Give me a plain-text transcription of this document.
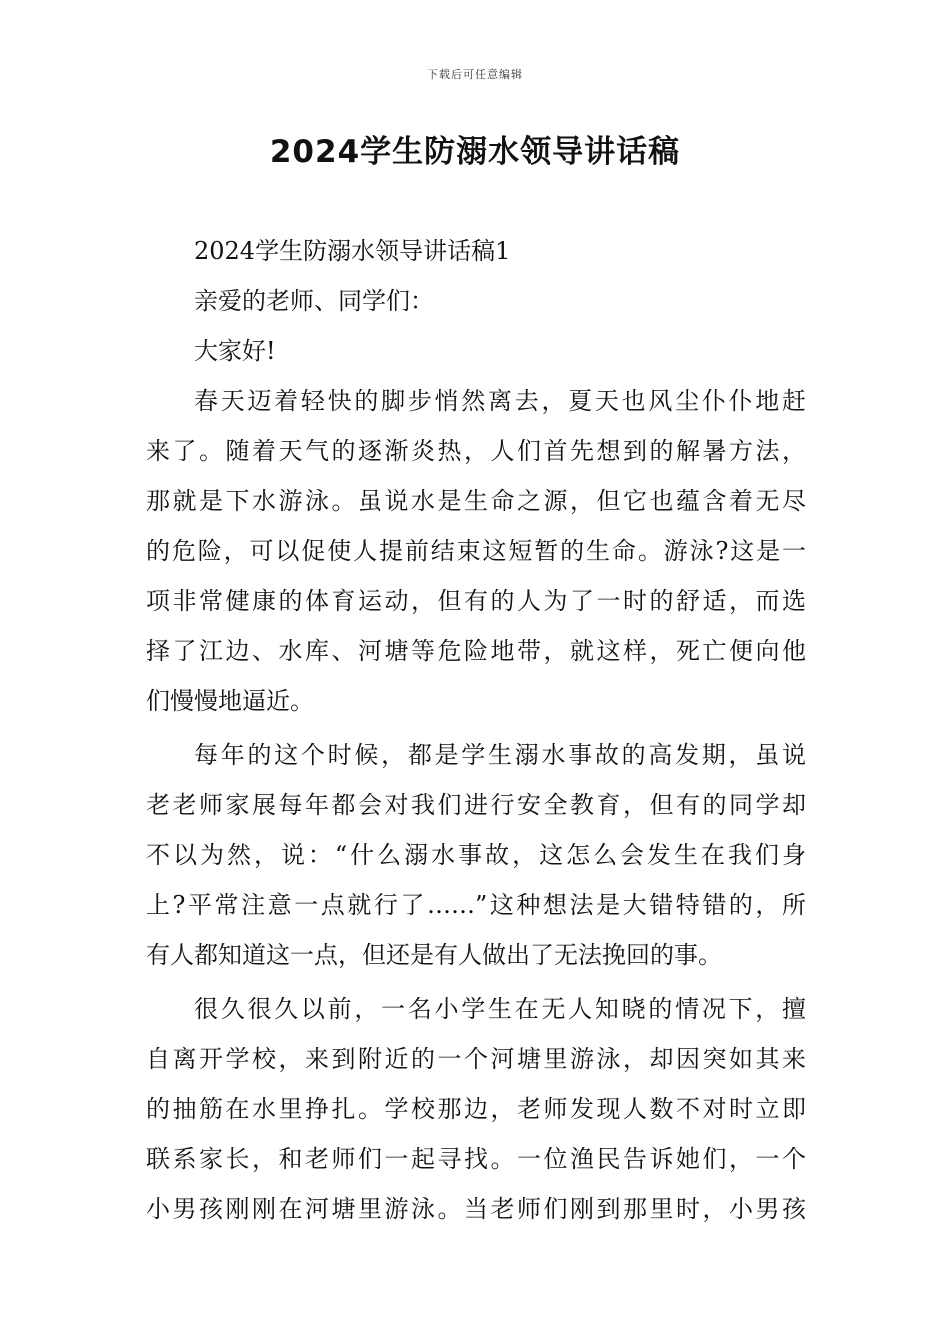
下载后可任意编辑
2024学生防溺水领导讲话稿
2024学生防溺水领导讲话稿1
亲爱的老师、同学们：
大家好!
春天迈着轻快的脚步悄然离去，夏天也风尘仆仆地赶
来了。随着天气的逐渐炎热，人们首先想到的解暑方法，
那就是下水游泳。虽说水是生命之源，但它也蕴含着无尽
的危险，可以促使人提前结束这短暂的生命。游泳?这是一
项非常健康的体育运动，但有的人为了一时的舒适，而选
择了江边、水库、河塘等危险地带，就这样，死亡便向他
们慢慢地逼近。
每年的这个时候，都是学生溺水事故的高发期，虽说
老老师家展每年都会对我们进行安全教育，但有的同学却
不以为然，说：“什么溺水事故，这怎么会发生在我们身
上?平常注意一点就行了……”这种想法是大错特错的，所
有人都知道这一点，但还是有人做出了无法挽回的事。
很久很久以前，一名小学生在无人知晓的情况下，擅
自离开学校，来到附近的一个河塘里游泳，却因突如其来
的抽筋在水里挣扎。学校那边，老师发现人数不对时立即
联系家长，和老师们一起寻找。一位渔民告诉她们，一个
小男孩刚刚在河塘里游泳。当老师们刚到那里时，小男孩
